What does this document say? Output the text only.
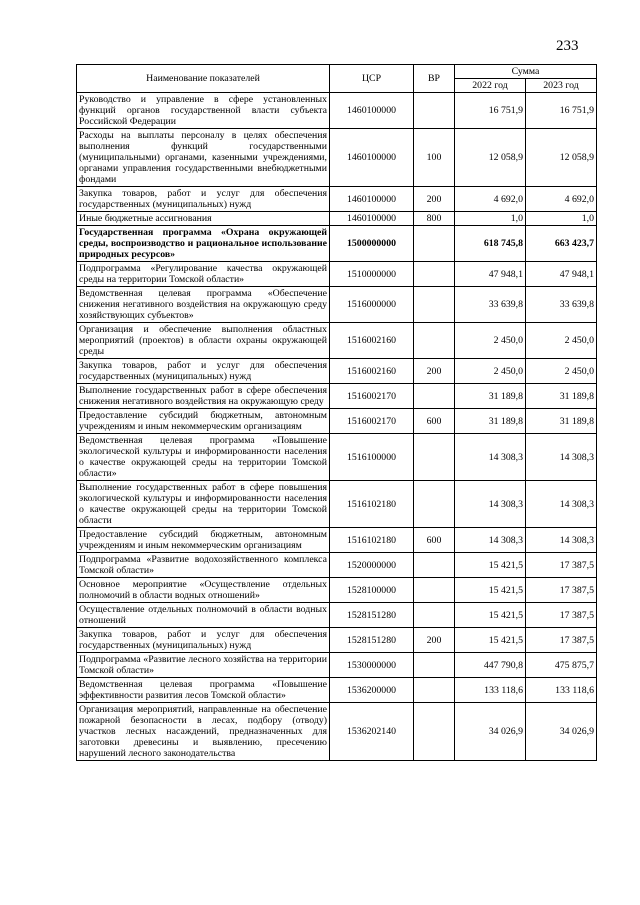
233
Наименование показателей	ЦСР	ВР	Сумма	
			2022 год	2023 год
Руководство и управление в сфере установленных функций органов государственной власти субъекта Российской Федерации	1460100000		16 751,9	16 751,9
Расходы на выплаты персоналу в целях обеспечения выполнения функций государственными (муниципальными) органами, казенными учреждениями, органами управления государственными внебюджетными фондами	1460100000	100	12 058,9	12 058,9
Закупка товаров, работ и услуг для обеспечения государственных (муниципальных) нужд	1460100000	200	4 692,0	4 692,0
Иные бюджетные ассигнования	1460100000	800	1,0	1,0
Государственная программа «Охрана окружающей среды, воспроизводство и рациональное использование природных ресурсов»	1500000000		618 745,8	663 423,7
Подпрограмма «Регулирование качества окружающей среды на территории Томской области»	1510000000		47 948,1	47 948,1
Ведомственная целевая программа «Обеспечение снижения негативного воздействия на окружающую среду хозяйствующих субъектов»	1516000000		33 639,8	33 639,8
Организация и обеспечение выполнения областных мероприятий (проектов) в области охраны окружающей среды	1516002160		2 450,0	2 450,0
Закупка товаров, работ и услуг для обеспечения государственных (муниципальных) нужд	1516002160	200	2 450,0	2 450,0
Выполнение государственных работ в сфере обеспечения снижения негативного воздействия на окружающую среду	1516002170		31 189,8	31 189,8
Предоставление субсидий бюджетным, автономным учреждениям и иным некоммерческим организациям	1516002170	600	31 189,8	31 189,8
Ведомственная целевая программа «Повышение экологической культуры и информированности населения о качестве окружающей среды на территории Томской области»	1516100000		14 308,3	14 308,3
Выполнение государственных работ в сфере повышения экологической культуры и информированности населения о качестве окружающей среды на территории Томской области	1516102180		14 308,3	14 308,3
Предоставление субсидий бюджетным, автономным учреждениям и иным некоммерческим организациям	1516102180	600	14 308,3	14 308,3
Подпрограмма «Развитие водохозяйственного комплекса Томской области»	1520000000		15 421,5	17 387,5
Основное мероприятие «Осуществление отдельных полномочий в области водных отношений»	1528100000		15 421,5	17 387,5
Осуществление отдельных полномочий в области водных отношений	1528151280		15 421,5	17 387,5
Закупка товаров, работ и услуг для обеспечения государственных (муниципальных) нужд	1528151280	200	15 421,5	17 387,5
Подпрограмма «Развитие лесного хозяйства на территории Томской области»	1530000000		447 790,8	475 875,7
Ведомственная целевая программа «Повышение эффективности развития лесов Томской области»	1536200000		133 118,6	133 118,6
Организация мероприятий, направленные на обеспечение пожарной безопасности в лесах, подбору (отводу) участков лесных насаждений, предназначенных для заготовки древесины и выявлению, пресечению нарушений лесного законодательства	1536202140		34 026,9	34 026,9
